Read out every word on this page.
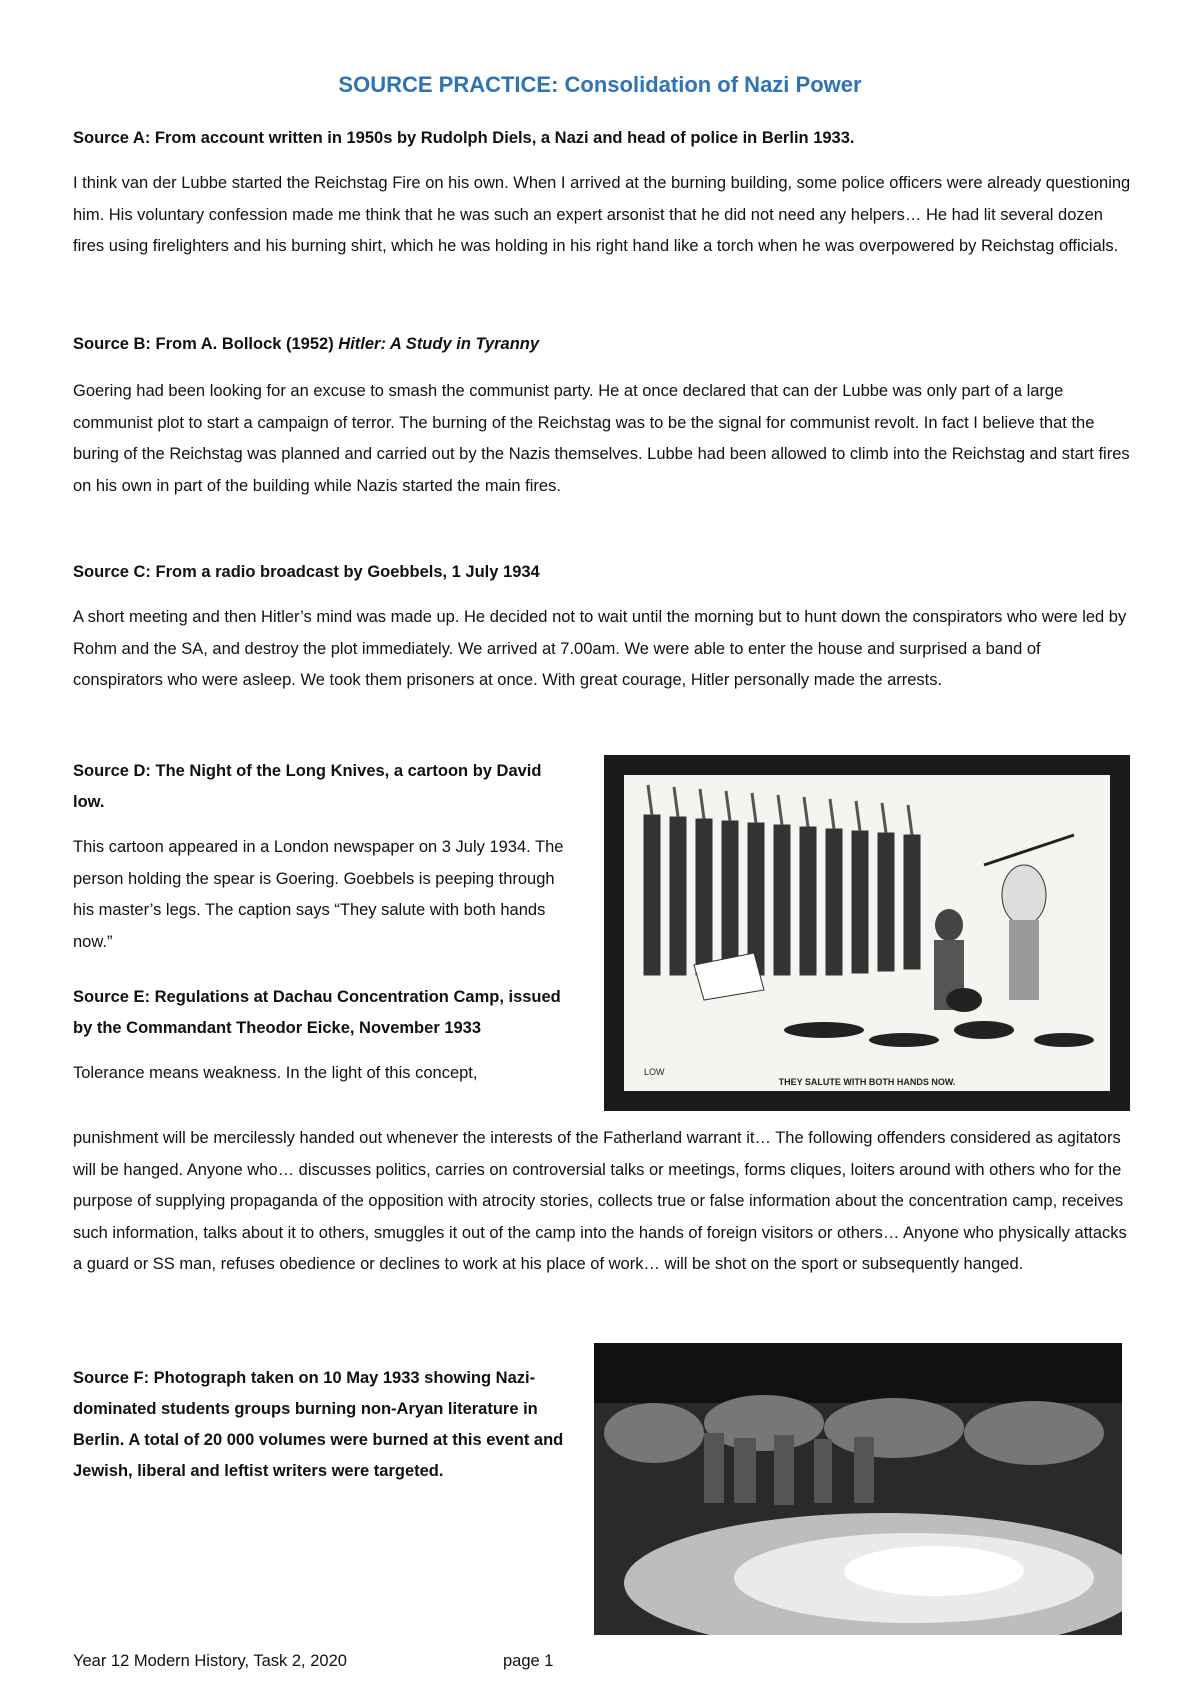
SOURCE PRACTICE: Consolidation of Nazi Power

Source A: From account written in 1950s by Rudolph Diels, a Nazi and head of police in Berlin 1933.

I think van der Lubbe started the Reichstag Fire on his own. When I arrived at the burning building, some police officers were already questioning him. His voluntary confession made me think that he was such an expert arsonist that he did not need any helpers… He had lit several dozen fires using firelighters and his burning shirt, which he was holding in his right hand like a torch when he was overpowered by Reichstag officials.

Source B: From A. Bollock (1952) Hitler: A Study in Tyranny

Goering had been looking for an excuse to smash the communist party. He at once declared that can der Lubbe was only part of a large communist plot to start a campaign of terror. The burning of the Reichstag was to be the signal for communist revolt. In fact I believe that the buring of the Reichstag was planned and carried out by the Nazis themselves. Lubbe had been allowed to climb into the Reichstag and start fires on his own in part of the building while Nazis started the main fires.

Source C: From a radio broadcast by Goebbels, 1 July 1934

A short meeting and then Hitler’s mind was made up. He decided not to wait until the morning but to hunt down the conspirators who were led by Rohm and the SA, and destroy the plot immediately. We arrived at 7.00am. We were able to enter the house and surprised a band of conspirators who were asleep. We took them prisoners at once. With great courage, Hitler personally made the arrests.

Source D: The Night of the Long Knives, a cartoon by David low.

This cartoon appeared in a London newspaper on 3 July 1934. The person holding the spear is Goering. Goebbels is peeping through his master’s legs. The caption says “They salute with both hands now.”

LOW
THEY SALUTE WITH BOTH HANDS NOW.

Source E: Regulations at Dachau Concentration Camp, issued by the Commandant Theodor Eicke, November 1933

Tolerance means weakness. In the light of this concept,

punishment will be mercilessly handed out whenever the interests of the Fatherland warrant it… The following offenders considered as agitators will be hanged. Anyone who… discusses politics, carries on controversial talks or meetings, forms cliques, loiters around with others who for the purpose of supplying propaganda of the opposition with atrocity stories, collects true or false information about the concentration camp, receives such information, talks about it to others, smuggles it out of the camp into the hands of foreign visitors or others… Anyone who physically attacks a guard or SS man, refuses obedience or declines to work at his place of work… will be shot on the sport or subsequently hanged.

Source F: Photograph taken on 10 May 1933 showing Nazi-dominated students groups burning non-Aryan literature in Berlin. A total of 20 000 volumes were burned at this event and Jewish, liberal and leftist writers were targeted.

Year 12 Modern History, Task 2, 2020	page 1
